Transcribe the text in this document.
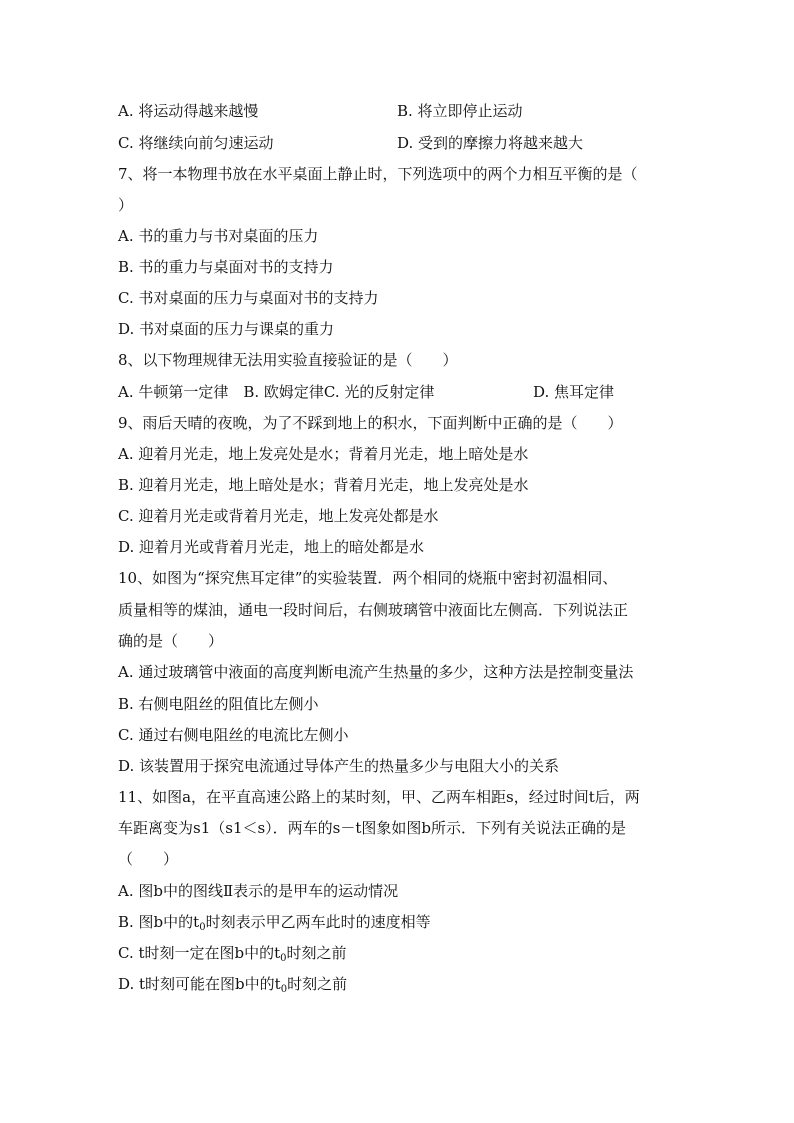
A. 将运动得越来越慢	B. 将立即停止运动
C. 将继续向前匀速运动	D. 受到的摩擦力将越来越大
7、将一本物理书放在水平桌面上静止时，下列选项中的两个力相互平衡的是（
）
A. 书的重力与书对桌面的压力
B. 书的重力与桌面对书的支持力
C. 书对桌面的压力与桌面对书的支持力
D. 书对桌面的压力与课桌的重力
8、以下物理规律无法用实验直接验证的是（　　）
A. 牛顿第一定律　B. 欧姆定律C. 光的反射定律	D. 焦耳定律
9、雨后天晴的夜晚，为了不踩到地上的积水，下面判断中正确的是（　　）
A. 迎着月光走，地上发亮处是水；背着月光走，地上暗处是水
B. 迎着月光走，地上暗处是水；背着月光走，地上发亮处是水
C. 迎着月光走或背着月光走，地上发亮处都是水
D. 迎着月光或背着月光走，地上的暗处都是水
10、如图为“探究焦耳定律”的实验装置．两个相同的烧瓶中密封初温相同、
质量相等的煤油，通电一段时间后，右侧玻璃管中液面比左侧高．下列说法正
确的是（　　）
A. 通过玻璃管中液面的高度判断电流产生热量的多少，这种方法是控制变量法
B. 右侧电阻丝的阻值比左侧小
C. 通过右侧电阻丝的电流比左侧小
D. 该装置用于探究电流通过导体产生的热量多少与电阻大小的关系
11、如图a，在平直高速公路上的某时刻，甲、乙两车相距s，经过时间t后，两
车距离变为s1（s1＜s）．两车的s－t图象如图b所示．下列有关说法正确的是
（　　）
A. 图b中的图线Ⅱ表示的是甲车的运动情况
B. 图b中的$t_0$时刻表示甲乙两车此时的速度相等
C. t时刻一定在图b中的$t_0$时刻之前
D. t时刻可能在图b中的$t_0$时刻之前
